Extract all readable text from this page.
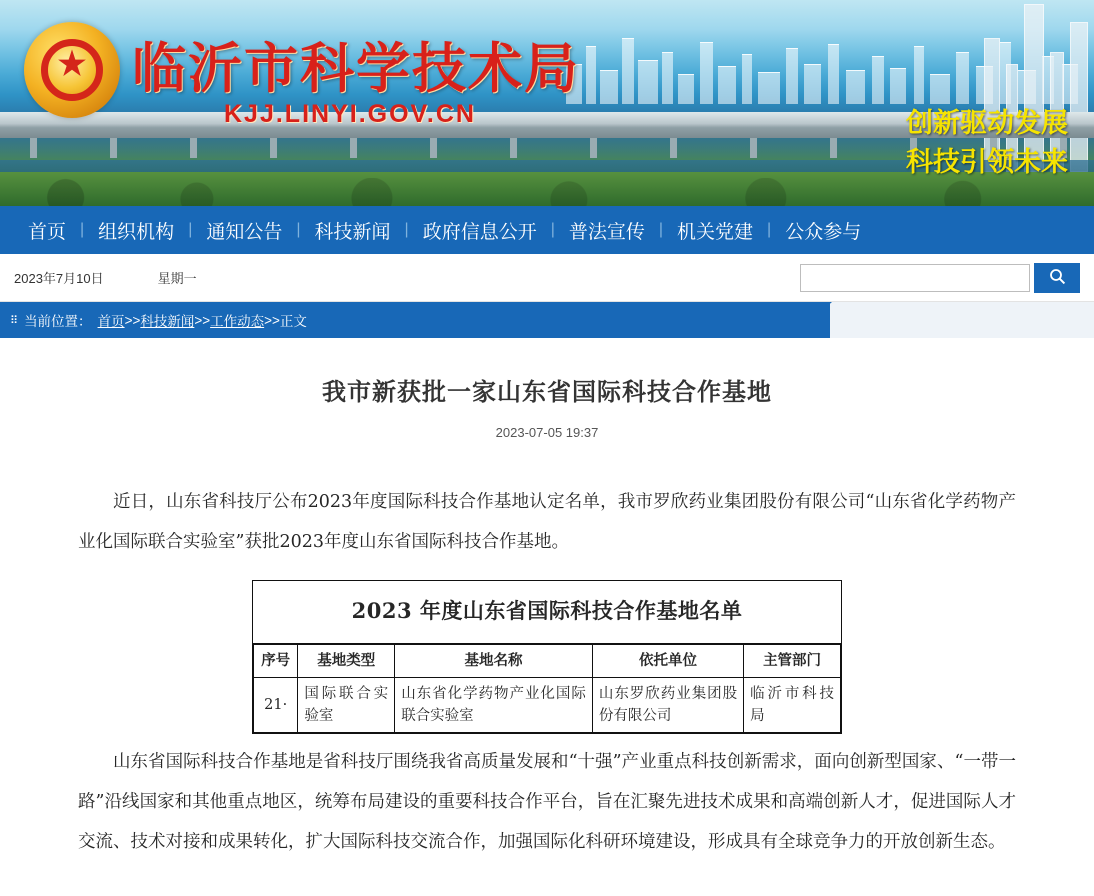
★
临沂市科学技术局
KJJ.LINYI.GOV.CN	创新驱动发展
科技引领未来
首页 | 组织机构 | 通知公告 | 科技新闻 | 政府信息公开 | 普法宣传 | 机关党建 | 公众参与
2023年7月10日	星期一
⠿ 当前位置： 首页 >> 科技新闻 >> 工作动态 >> 正文
我市新获批一家山东省国际科技合作基地
2023-07-05 19:37

近日，山东省科技厅公布2023年度国际科技合作基地认定名单，我市罗欣药业集团股份有限公司“山东省化学药物产业化国际联合实验室”获批2023年度山东省国际科技合作基地。

2023 年度山东省国际科技合作基地名单
序号	基地类型	基地名称	依托单位	主管部门
21·	国际联合实验室	山东省化学药物产业化国际联合实验室	山东罗欣药业集团股份有限公司	临沂市科技局

山东省国际科技合作基地是省科技厅围绕我省高质量发展和“十强”产业重点科技创新需求，面向创新型国家、“一带一路”沿线国家和其他重点地区，统筹布局建设的重要科技合作平台，旨在汇聚先进技术成果和高端创新人才，促进国际人才交流、技术对接和成果转化，扩大国际科技交流合作，加强国际化科研环境建设，形成具有全球竞争力的开放创新生态。
